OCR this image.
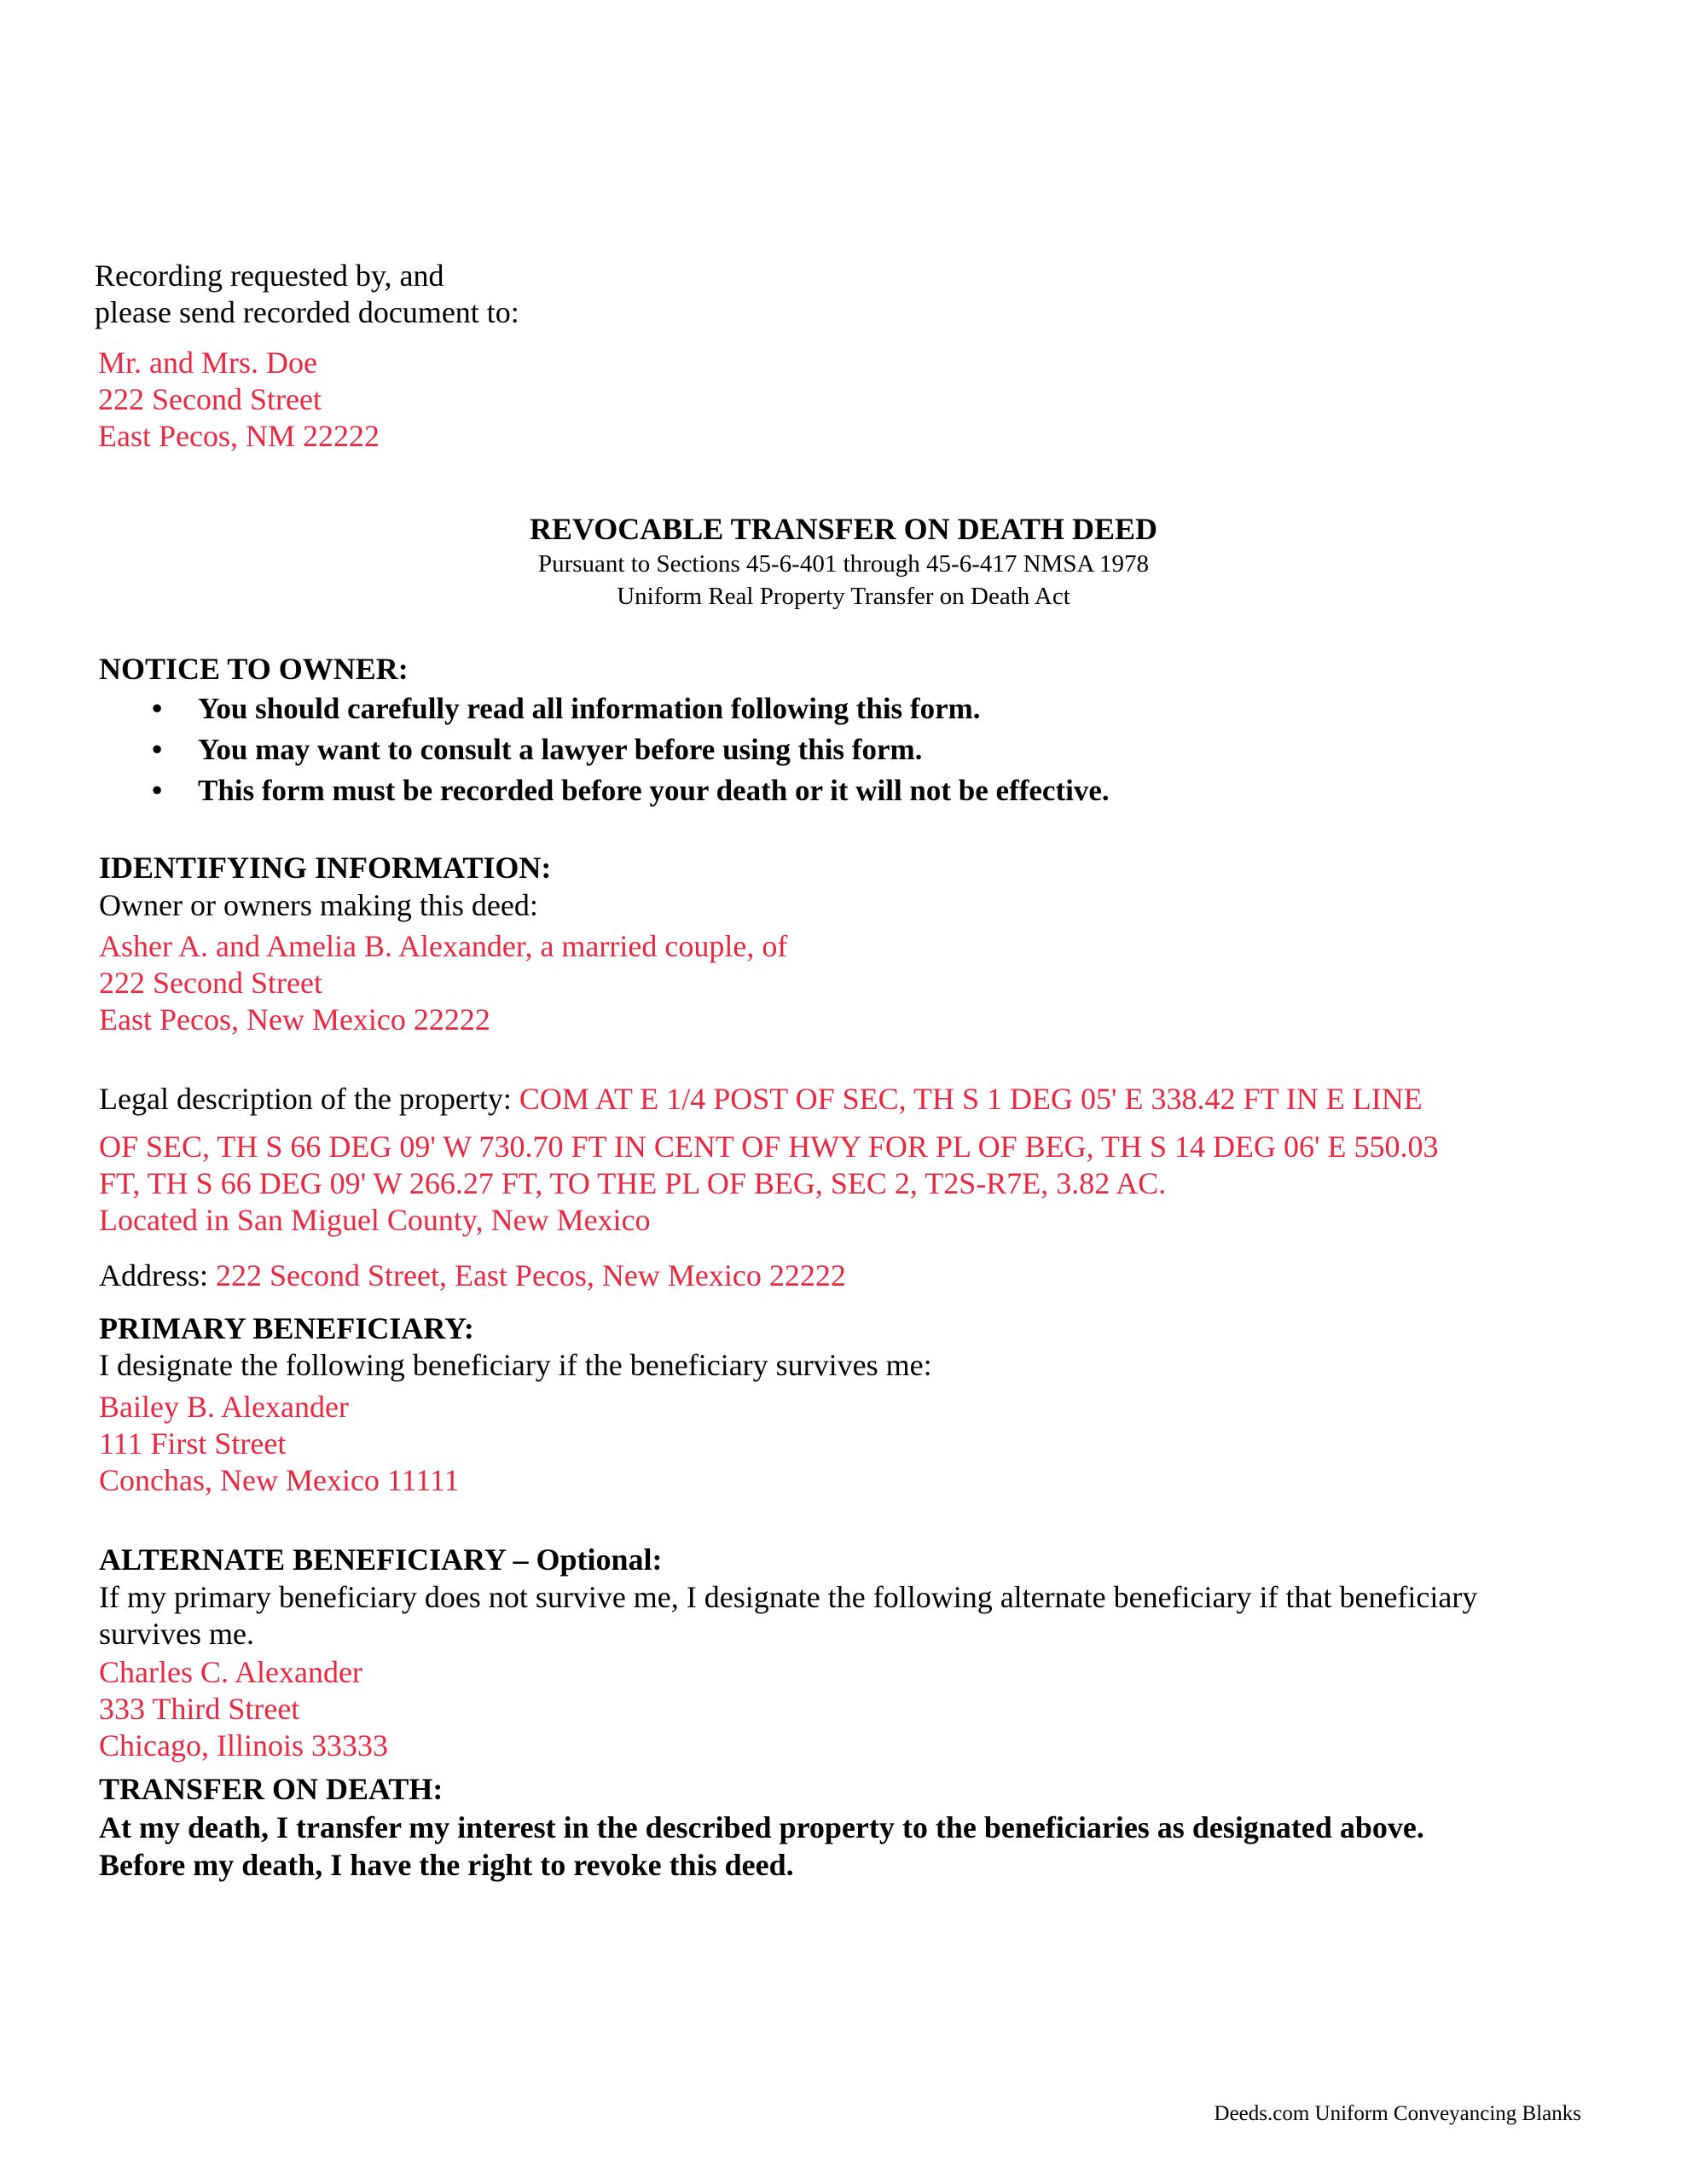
Recording requested by, and
please send recorded document to:
Mr. and Mrs. Doe
222 Second Street
East Pecos, NM 22222
REVOCABLE TRANSFER ON DEATH DEED
Pursuant to Sections 45-6-401 through 45-6-417 NMSA 1978
Uniform Real Property Transfer on Death Act
NOTICE TO OWNER:
• You should carefully read all information following this form.
• You may want to consult a lawyer before using this form.
• This form must be recorded before your death or it will not be effective.
IDENTIFYING INFORMATION:
Owner or owners making this deed:
Asher A. and Amelia B. Alexander, a married couple, of
222 Second Street
East Pecos, New Mexico 22222
Legal description of the property: COM AT E 1/4 POST OF SEC, TH S 1 DEG 05' E 338.42 FT IN E LINE
OF SEC, TH S 66 DEG 09' W 730.70 FT IN CENT OF HWY FOR PL OF BEG, TH S 14 DEG 06' E 550.03
FT, TH S 66 DEG 09' W 266.27 FT, TO THE PL OF BEG, SEC 2, T2S-R7E, 3.82 AC.
Located in San Miguel County, New Mexico
Address: 222 Second Street, East Pecos, New Mexico 22222
PRIMARY BENEFICIARY:
I designate the following beneficiary if the beneficiary survives me:
Bailey B. Alexander
111 First Street
Conchas, New Mexico 11111
ALTERNATE BENEFICIARY – Optional:
If my primary beneficiary does not survive me, I designate the following alternate beneficiary if that beneficiary
survives me.
Charles C. Alexander
333 Third Street
Chicago, Illinois 33333
TRANSFER ON DEATH:
At my death, I transfer my interest in the described property to the beneficiaries as designated above.
Before my death, I have the right to revoke this deed.
Deeds.com Uniform Conveyancing Blanks
